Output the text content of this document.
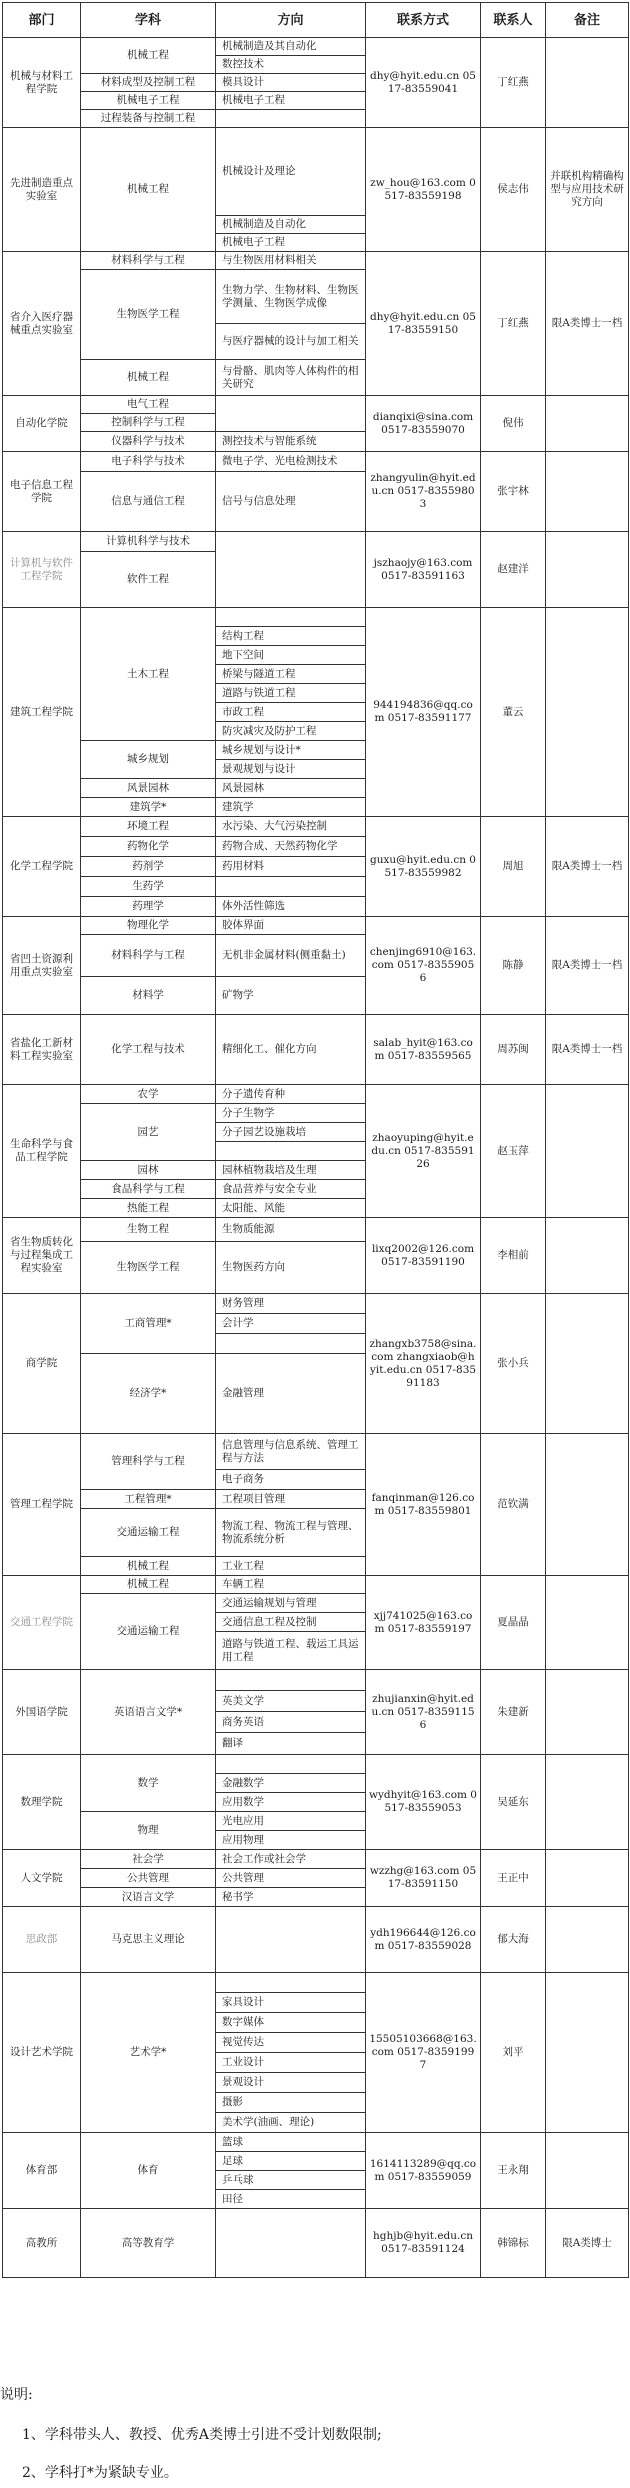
部门	学科	方向	联系方式	联系人	备注
机械与材料工程学院	机械工程	机械制造及其自动化	dhy@hyit.edu.cn 0517-83559041	丁红燕	
		数控技术			
	材料成型及控制工程	模具设计			
	机械电子工程	机械电子工程			
	过程装备与控制工程				
先进制造重点实验室	机械工程	机械设计及理论	zw_hou@163.com 0517-83559198	侯志伟	并联机构精确构型与应用技术研究方向

		机械制造及自动化			
		机械电子工程			
省介入医疗器械重点实验室	材料科学与工程	与生物医用材料相关	dhy@hyit.edu.cn 0517-83559150	丁红燕	限A类博士一档
	生物医学工程	生物力学、生物材料、生物医学测量、生物医学成像			
		与医疗器械的设计与加工相关			
	机械工程	与骨骼、肌肉等人体构件的相关研究			
自动化学院	电气工程		dianqixi@sina.com 0517-83559070	倪伟	
	控制科学与工程				
	仪器科学与技术	测控技术与智能系统			
电子信息工程学院	电子科学与技术	微电子学、光电检测技术	zhangyulin@hyit.edu.cn 0517-83559803	张宇林	
	信息与通信工程	信号与信息处理			

计算机与软件工程学院	计算机科学与技术		jszhaojy@163.com 0517-83591163	赵建洋	
	软件工程				

建筑工程学院	土木工程		944194836@qq.com 0517-83591177	董云	
		结构工程			
		地下空间			
		桥梁与隧道工程			
		道路与铁道工程			
		市政工程			
		防灾减灾及防护工程			
	城乡规划	城乡规划与设计*			
		景观规划与设计			
	风景园林	风景园林			
	建筑学*	建筑学			
化学工程学院	环境工程	水污染、大气污染控制	guxu@hyit.edu.cn 0517-83559982	周旭	限A类博士一档
	药物化学	药物合成、天然药物化学			
	药剂学	药用材料			
	生药学				
	药理学	体外活性筛选			
省凹土资源利用重点实验室	物理化学	胶体界面	chenjing6910@163.com 0517-83559056	陈静	限A类博士一档
	材料科学与工程	无机非金属材料(侧重黏土)			
	材料学	矿物学			

省盐化工新材料工程实验室	化学工程与技术	精细化工、催化方向	salab_hyit@163.com 0517-83559565	周苏闽	限A类博士一档

生命科学与食品工程学院	农学	分子遗传育种	zhaoyuping@hyit.edu.cn 0517-83559126	赵玉萍	
	园艺	分子生物学			
		分子园艺设施栽培			

	园林	园林植物栽培及生理			
	食品科学与工程	食品营养与安全专业			
	热能工程	太阳能、风能			
省生物质转化与过程集成工程实验室	生物工程	生物质能源	lixq2002@126.com 0517-83591190	李相前	
	生物医学工程	生物医药方向			

商学院	工商管理*	财务管理	zhangxb3758@sina.com zhangxiaob@hyit.edu.cn 0517-83591183	张小兵	
		会计学			

	经济学*	金融管理			

管理工程学院	管理科学与工程	信息管理与信息系统、管理工程与方法	fanqinman@126.com 0517-83559801	范钦满	
		电子商务			
	工程管理*	工程项目管理			
	交通运输工程	物流工程、物流工程与管理、物流系统分析			
	机械工程	工业工程			
交通工程学院	机械工程	车辆工程	xjj741025@163.com 0517-83559197	夏晶晶	
	交通运输工程	交通运输规划与管理			
		交通信息工程及控制			
		道路与铁道工程、载运工具运用工程			
外国语学院	英语语言文学*		zhujianxin@hyit.edu.cn 0517-83591156	朱建新	
		英美文学			
		商务英语			
		翻译			
数理学院	数学		wydhyit@163.com 0517-83559053	吴延东	
		金融数学			
		应用数学			
	物理	光电应用			
		应用物理			
人文学院	社会学	社会工作或社会学	wzzhg@163.com 0517-83591150	王正中	
	公共管理	公共管理			
	汉语言文学	秘书学			
思政部	马克思主义理论		ydh196644@126.com 0517-83559028	郁大海	

设计艺术学院	艺术学*		15505103668@163.com 0517-83591997	刘平	
		家具设计			
		数字媒体			
		视觉传达			
		工业设计			
		景观设计			
		摄影			
		美术学(油画、理论)			
体育部	体育	篮球	1614113289@qq.com 0517-83559059	王永翔	
		足球			
		乒乓球			
		田径			
高教所	高等教育学		hghjb@hyit.edu.cn 0517-83591124	韩锦标	限A类博士

说明:
1、学科带头人、教授、优秀A类博士引进不受计划数限制;
2、学科打*为紧缺专业。
